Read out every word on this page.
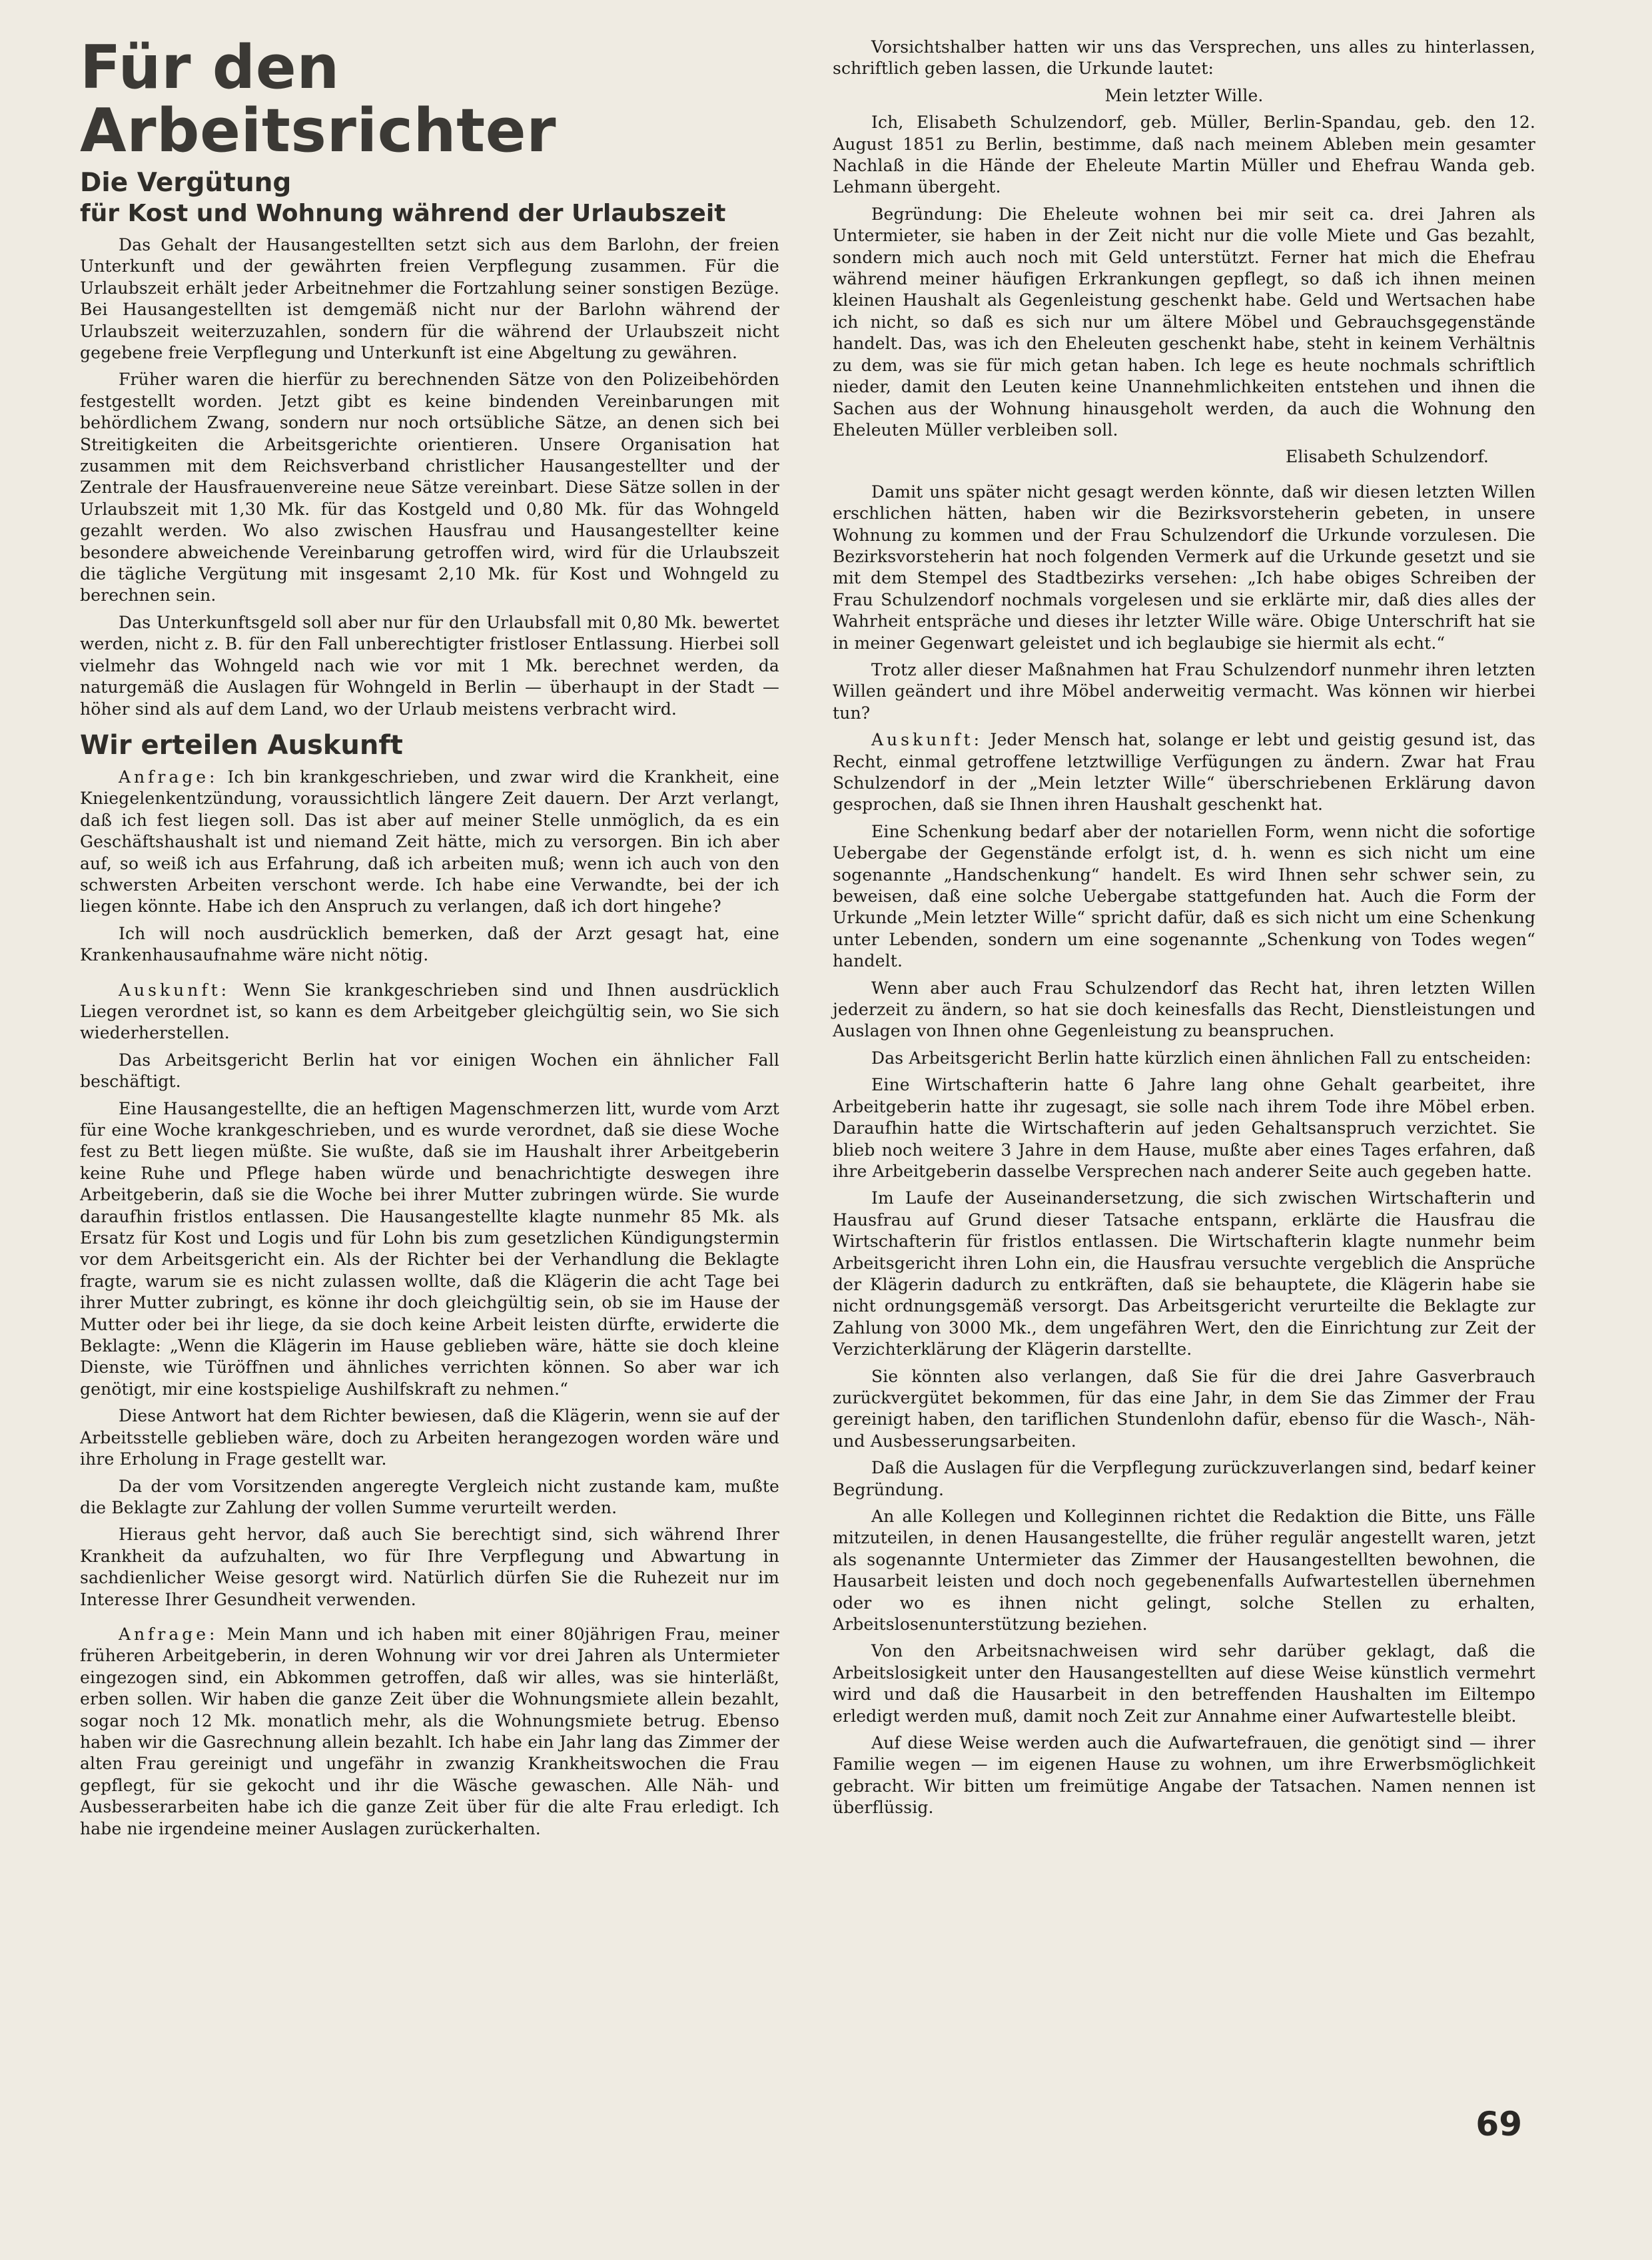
Für den Arbeitsrichter
Die Vergütung
für Kost und Wohnung während der Urlaubszeit

Das Gehalt der Hausangestellten setzt sich aus dem Barlohn, der freien Unterkunft und der gewährten freien Verpflegung zusammen. Für die Urlaubszeit erhält jeder Arbeitnehmer die Fortzahlung seiner sonstigen Bezüge. Bei Hausangestellten ist demgemäß nicht nur der Barlohn während der Urlaubszeit weiterzuzahlen, sondern für die während der Urlaubszeit nicht gegebene freie Verpflegung und Unterkunft ist eine Abgeltung zu gewähren.

Früher waren die hierfür zu berechnenden Sätze von den Polizeibehörden festgestellt worden. Jetzt gibt es keine bindenden Vereinbarungen mit behördlichem Zwang, sondern nur noch ortsübliche Sätze, an denen sich bei Streitigkeiten die Arbeitsgerichte orientieren. Unsere Organisation hat zusammen mit dem Reichsverband christlicher Hausangestellter und der Zentrale der Hausfrauenvereine neue Sätze vereinbart. Diese Sätze sollen in der Urlaubszeit mit 1,30 Mk. für das Kostgeld und 0,80 Mk. für das Wohngeld gezahlt werden. Wo also zwischen Hausfrau und Hausangestellter keine besondere abweichende Vereinbarung getroffen wird, wird für die Urlaubszeit die tägliche Vergütung mit insgesamt 2,10 Mk. für Kost und Wohngeld zu berechnen sein.

Das Unterkunftsgeld soll aber nur für den Urlaubsfall mit 0,80 Mk. bewertet werden, nicht z. B. für den Fall unberechtigter fristloser Entlassung. Hierbei soll vielmehr das Wohngeld nach wie vor mit 1 Mk. berechnet werden, da naturgemäß die Auslagen für Wohngeld in Berlin — überhaupt in der Stadt — höher sind als auf dem Land, wo der Urlaub meistens verbracht wird.

Wir erteilen Auskunft

Anfrage: Ich bin krankgeschrieben, und zwar wird die Krankheit, eine Kniegelenkentzündung, voraussichtlich längere Zeit dauern. Der Arzt verlangt, daß ich fest liegen soll. Das ist aber auf meiner Stelle unmöglich, da es ein Geschäftshaushalt ist und niemand Zeit hätte, mich zu versorgen. Bin ich aber auf, so weiß ich aus Erfahrung, daß ich arbeiten muß; wenn ich auch von den schwersten Arbeiten verschont werde. Ich habe eine Verwandte, bei der ich liegen könnte. Habe ich den Anspruch zu verlangen, daß ich dort hingehe?

Ich will noch ausdrücklich bemerken, daß der Arzt gesagt hat, eine Krankenhausaufnahme wäre nicht nötig.

Auskunft: Wenn Sie krankgeschrieben sind und Ihnen ausdrücklich Liegen verordnet ist, so kann es dem Arbeitgeber gleichgültig sein, wo Sie sich wiederherstellen.

Das Arbeitsgericht Berlin hat vor einigen Wochen ein ähnlicher Fall beschäftigt.

Eine Hausangestellte, die an heftigen Magenschmerzen litt, wurde vom Arzt für eine Woche krankgeschrieben, und es wurde verordnet, daß sie diese Woche fest zu Bett liegen müßte. Sie wußte, daß sie im Haushalt ihrer Arbeitgeberin keine Ruhe und Pflege haben würde und benachrichtigte deswegen ihre Arbeitgeberin, daß sie die Woche bei ihrer Mutter zubringen würde. Sie wurde daraufhin fristlos entlassen. Die Hausangestellte klagte nunmehr 85 Mk. als Ersatz für Kost und Logis und für Lohn bis zum gesetzlichen Kündigungstermin vor dem Arbeitsgericht ein. Als der Richter bei der Verhandlung die Beklagte fragte, warum sie es nicht zulassen wollte, daß die Klägerin die acht Tage bei ihrer Mutter zubringt, es könne ihr doch gleichgültig sein, ob sie im Hause der Mutter oder bei ihr liege, da sie doch keine Arbeit leisten dürfte, erwiderte die Beklagte: „Wenn die Klägerin im Hause geblieben wäre, hätte sie doch kleine Dienste, wie Türöffnen und ähnliches verrichten können. So aber war ich genötigt, mir eine kostspielige Aushilfskraft zu nehmen.“

Diese Antwort hat dem Richter bewiesen, daß die Klägerin, wenn sie auf der Arbeitsstelle geblieben wäre, doch zu Arbeiten herangezogen worden wäre und ihre Erholung in Frage gestellt war.

Da der vom Vorsitzenden angeregte Vergleich nicht zustande kam, mußte die Beklagte zur Zahlung der vollen Summe verurteilt werden.

Hieraus geht hervor, daß auch Sie berechtigt sind, sich während Ihrer Krankheit da aufzuhalten, wo für Ihre Verpflegung und Abwartung in sachdienlicher Weise gesorgt wird. Natürlich dürfen Sie die Ruhezeit nur im Interesse Ihrer Gesundheit verwenden.

Anfrage: Mein Mann und ich haben mit einer 80jährigen Frau, meiner früheren Arbeitgeberin, in deren Wohnung wir vor drei Jahren als Untermieter eingezogen sind, ein Abkommen getroffen, daß wir alles, was sie hinterläßt, erben sollen. Wir haben die ganze Zeit über die Wohnungsmiete allein bezahlt, sogar noch 12 Mk. monatlich mehr, als die Wohnungsmiete betrug. Ebenso haben wir die Gasrechnung allein bezahlt. Ich habe ein Jahr lang das Zimmer der alten Frau gereinigt und ungefähr in zwanzig Krankheitswochen die Frau gepflegt, für sie gekocht und ihr die Wäsche gewaschen. Alle Näh- und Ausbesserarbeiten habe ich die ganze Zeit über für die alte Frau erledigt. Ich habe nie irgendeine meiner Auslagen zurückerhalten.

Vorsichtshalber hatten wir uns das Versprechen, uns alles zu hinterlassen, schriftlich geben lassen, die Urkunde lautet:

Mein letzter Wille.

Ich, Elisabeth Schulzendorf, geb. Müller, Berlin-Spandau, geb. den 12. August 1851 zu Berlin, bestimme, daß nach meinem Ableben mein gesamter Nachlaß in die Hände der Eheleute Martin Müller und Ehefrau Wanda geb. Lehmann übergeht.

Begründung: Die Eheleute wohnen bei mir seit ca. drei Jahren als Untermieter, sie haben in der Zeit nicht nur die volle Miete und Gas bezahlt, sondern mich auch noch mit Geld unterstützt. Ferner hat mich die Ehefrau während meiner häufigen Erkrankungen gepflegt, so daß ich ihnen meinen kleinen Haushalt als Gegenleistung geschenkt habe. Geld und Wertsachen habe ich nicht, so daß es sich nur um ältere Möbel und Gebrauchsgegenstände handelt. Das, was ich den Eheleuten geschenkt habe, steht in keinem Verhältnis zu dem, was sie für mich getan haben. Ich lege es heute nochmals schriftlich nieder, damit den Leuten keine Unannehmlichkeiten entstehen und ihnen die Sachen aus der Wohnung hinausgeholt werden, da auch die Wohnung den Eheleuten Müller verbleiben soll.

Elisabeth Schulzendorf.

Damit uns später nicht gesagt werden könnte, daß wir diesen letzten Willen erschlichen hätten, haben wir die Bezirksvorsteherin gebeten, in unsere Wohnung zu kommen und der Frau Schulzendorf die Urkunde vorzulesen. Die Bezirksvorsteherin hat noch folgenden Vermerk auf die Urkunde gesetzt und sie mit dem Stempel des Stadtbezirks versehen: „Ich habe obiges Schreiben der Frau Schulzendorf nochmals vorgelesen und sie erklärte mir, daß dies alles der Wahrheit entspräche und dieses ihr letzter Wille wäre. Obige Unterschrift hat sie in meiner Gegenwart geleistet und ich beglaubige sie hiermit als echt.“

Trotz aller dieser Maßnahmen hat Frau Schulzendorf nunmehr ihren letzten Willen geändert und ihre Möbel anderweitig vermacht. Was können wir hierbei tun?

Auskunft: Jeder Mensch hat, solange er lebt und geistig gesund ist, das Recht, einmal getroffene letztwillige Verfügungen zu ändern. Zwar hat Frau Schulzendorf in der „Mein letzter Wille“ überschriebenen Erklärung davon gesprochen, daß sie Ihnen ihren Haushalt geschenkt hat.

Eine Schenkung bedarf aber der notariellen Form, wenn nicht die sofortige Uebergabe der Gegenstände erfolgt ist, d. h. wenn es sich nicht um eine sogenannte „Handschenkung“ handelt. Es wird Ihnen sehr schwer sein, zu beweisen, daß eine solche Uebergabe stattgefunden hat. Auch die Form der Urkunde „Mein letzter Wille“ spricht dafür, daß es sich nicht um eine Schenkung unter Lebenden, sondern um eine sogenannte „Schenkung von Todes wegen“ handelt.

Wenn aber auch Frau Schulzendorf das Recht hat, ihren letzten Willen jederzeit zu ändern, so hat sie doch keinesfalls das Recht, Dienstleistungen und Auslagen von Ihnen ohne Gegenleistung zu beanspruchen.

Das Arbeitsgericht Berlin hatte kürzlich einen ähnlichen Fall zu entscheiden:

Eine Wirtschafterin hatte 6 Jahre lang ohne Gehalt gearbeitet, ihre Arbeitgeberin hatte ihr zugesagt, sie solle nach ihrem Tode ihre Möbel erben. Daraufhin hatte die Wirtschafterin auf jeden Gehaltsanspruch verzichtet. Sie blieb noch weitere 3 Jahre in dem Hause, mußte aber eines Tages erfahren, daß ihre Arbeitgeberin dasselbe Versprechen nach anderer Seite auch gegeben hatte.

Im Laufe der Auseinandersetzung, die sich zwischen Wirtschafterin und Hausfrau auf Grund dieser Tatsache entspann, erklärte die Hausfrau die Wirtschafterin für fristlos entlassen. Die Wirtschafterin klagte nunmehr beim Arbeitsgericht ihren Lohn ein, die Hausfrau versuchte vergeblich die Ansprüche der Klägerin dadurch zu entkräften, daß sie behauptete, die Klägerin habe sie nicht ordnungsgemäß versorgt. Das Arbeitsgericht verurteilte die Beklagte zur Zahlung von 3000 Mk., dem ungefähren Wert, den die Einrichtung zur Zeit der Verzichterklärung der Klägerin darstellte.

Sie könnten also verlangen, daß Sie für die drei Jahre Gasverbrauch zurückvergütet bekommen, für das eine Jahr, in dem Sie das Zimmer der Frau gereinigt haben, den tariflichen Stundenlohn dafür, ebenso für die Wasch-, Näh- und Ausbesserungsarbeiten.

Daß die Auslagen für die Verpflegung zurückzuverlangen sind, bedarf keiner Begründung.

An alle Kollegen und Kolleginnen richtet die Redaktion die Bitte, uns Fälle mitzuteilen, in denen Hausangestellte, die früher regulär angestellt waren, jetzt als sogenannte Untermieter das Zimmer der Hausangestellten bewohnen, die Hausarbeit leisten und doch noch gegebenenfalls Aufwartestellen übernehmen oder wo es ihnen nicht gelingt, solche Stellen zu erhalten, Arbeitslosenunterstützung beziehen.

Von den Arbeitsnachweisen wird sehr darüber geklagt, daß die Arbeitslosigkeit unter den Hausangestellten auf diese Weise künstlich vermehrt wird und daß die Hausarbeit in den betreffenden Haushalten im Eiltempo erledigt werden muß, damit noch Zeit zur Annahme einer Aufwartestelle bleibt.

Auf diese Weise werden auch die Aufwartefrauen, die genötigt sind — ihrer Familie wegen — im eigenen Hause zu wohnen, um ihre Erwerbsmöglichkeit gebracht. Wir bitten um freimütige Angabe der Tatsachen. Namen nennen ist überflüssig.

69
